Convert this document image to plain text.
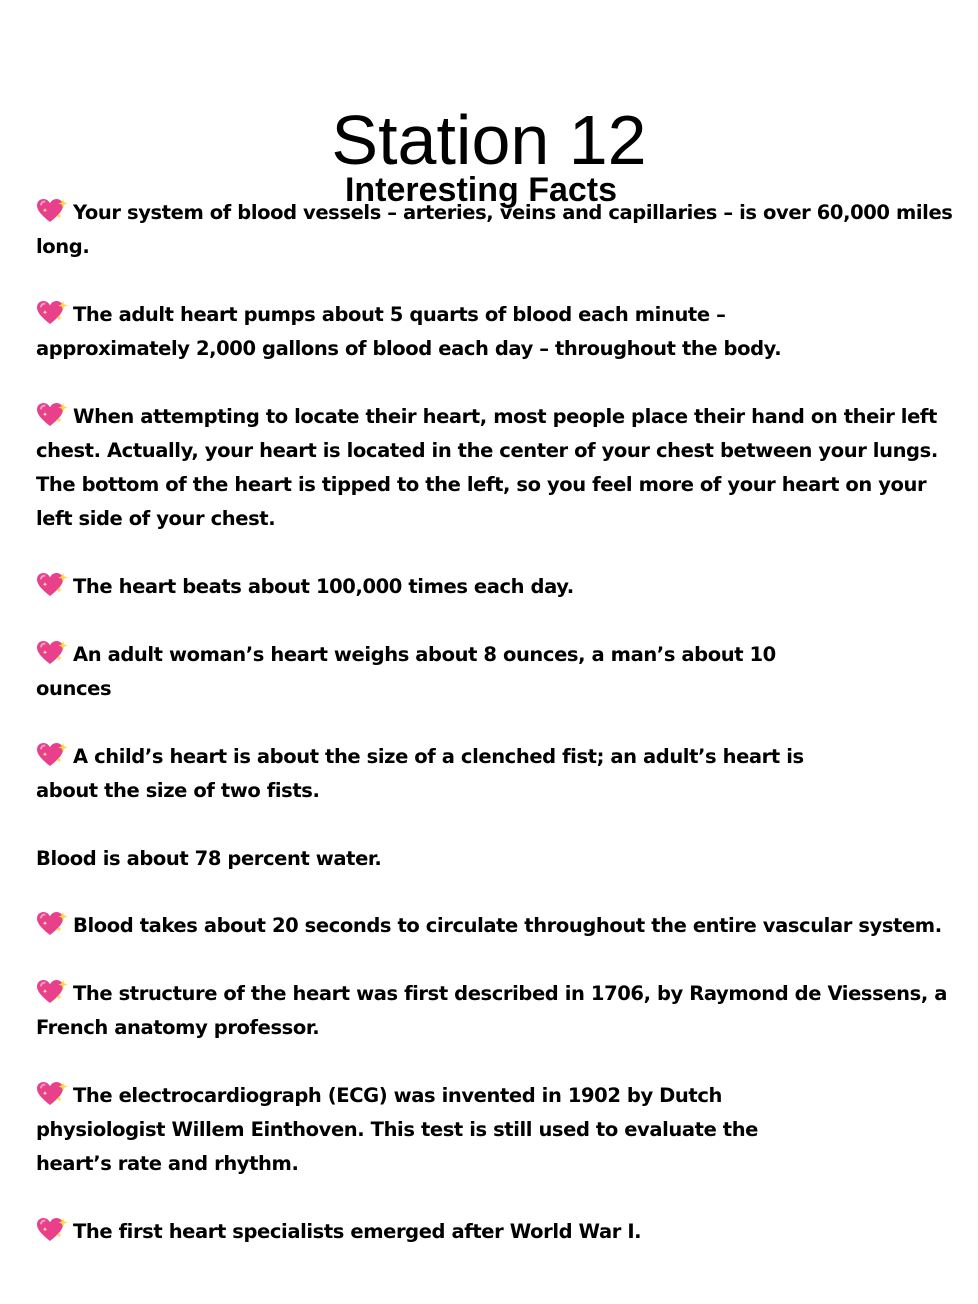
Station 12
Interesting Facts
Your system of blood vessels – arteries, veins and capillaries – is over 60,000 miles
long.
The adult heart pumps about 5 quarts of blood each minute –
approximately 2,000 gallons of blood each day – throughout the body.
When attempting to locate their heart, most people place their hand on their left
chest. Actually, your heart is located in the center of your chest between your lungs.
The bottom of the heart is tipped to the left, so you feel more of your heart on your
left side of your chest.
The heart beats about 100,000 times each day.
An adult woman’s heart weighs about 8 ounces, a man’s about 10
ounces
A child’s heart is about the size of a clenched fist; an adult’s heart is
about the size of two fists.
Blood is about 78 percent water.
Blood takes about 20 seconds to circulate throughout the entire vascular system.
The structure of the heart was first described in 1706, by Raymond de Viessens, a
French anatomy professor.
The electrocardiograph (ECG) was invented in 1902 by Dutch
physiologist Willem Einthoven. This test is still used to evaluate the
heart’s rate and rhythm.
The first heart specialists emerged after World War I.
